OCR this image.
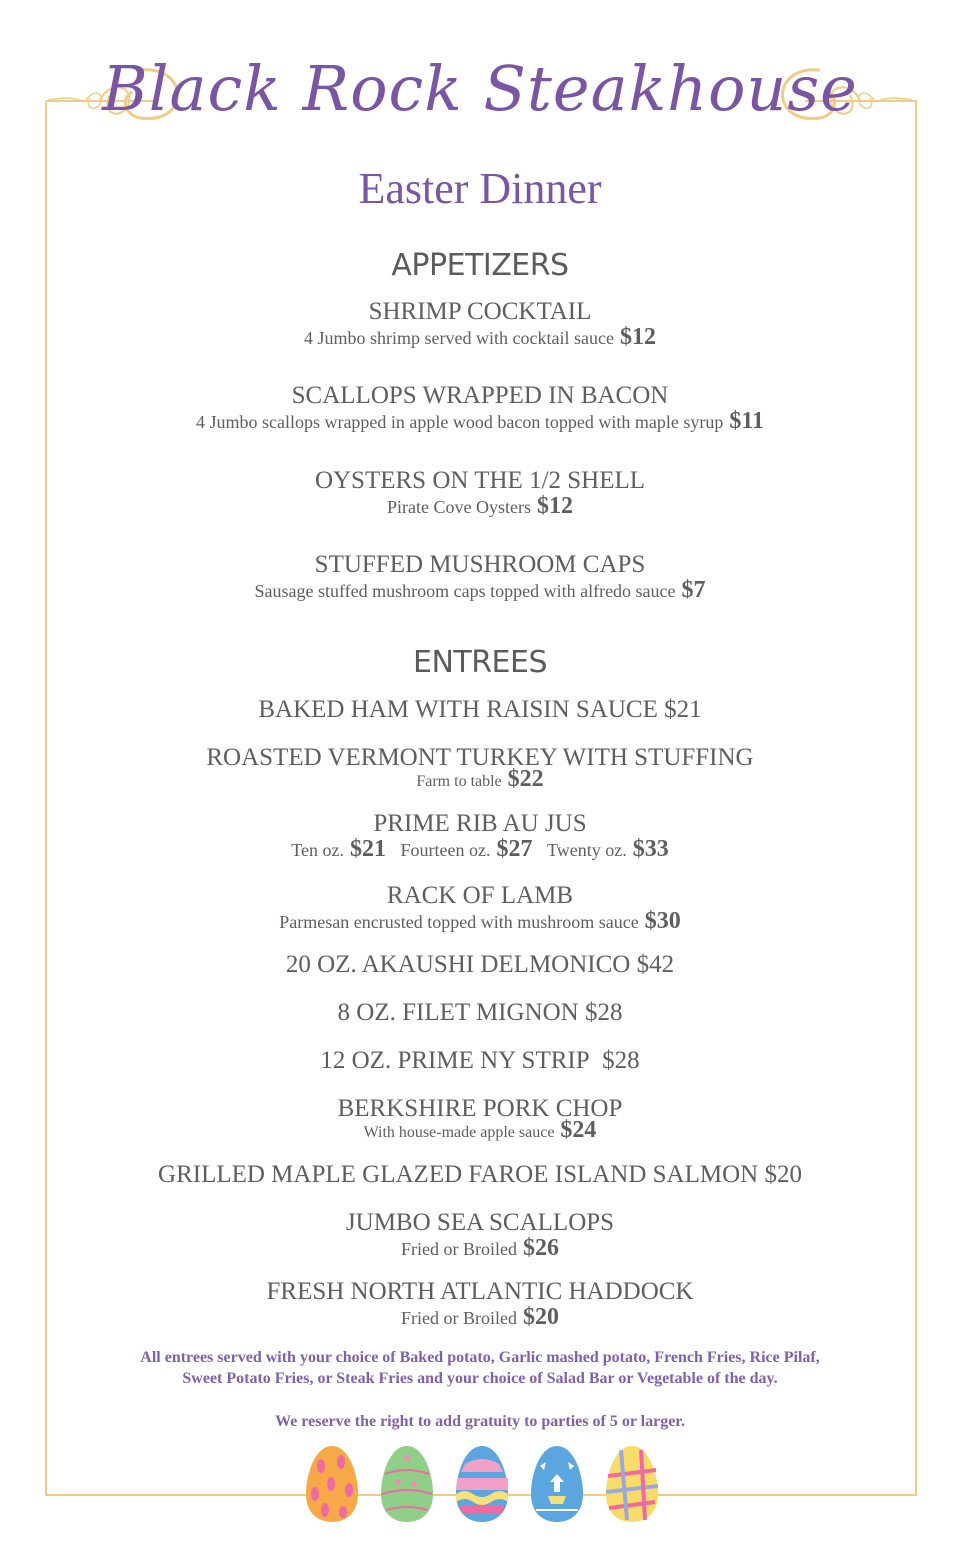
Black Rock Steakhouse
Easter Dinner
APPETIZERS
SHRIMP COCKTAIL
4 Jumbo shrimp served with cocktail sauce $12
SCALLOPS WRAPPED IN BACON
4 Jumbo scallops wrapped in apple wood bacon topped with maple syrup $11
OYSTERS ON THE 1/2 SHELL
Pirate Cove Oysters $12
STUFFED MUSHROOM CAPS
Sausage stuffed mushroom caps topped with alfredo sauce $7
ENTREES
BAKED HAM WITH RAISIN SAUCE $21
ROASTED VERMONT TURKEY WITH STUFFING
Farm to table $22
PRIME RIB AU JUS
Ten oz. $21 Fourteen oz. $27 Twenty oz. $33
RACK OF LAMB
Parmesan encrusted topped with mushroom sauce $30
20 OZ. AKAUSHI DELMONICO $42
8 OZ. FILET MIGNON $28
12 OZ. PRIME NY STRIP $28
BERKSHIRE PORK CHOP
With house-made apple sauce $24
GRILLED MAPLE GLAZED FAROE ISLAND SALMON $20
JUMBO SEA SCALLOPS
Fried or Broiled $26
FRESH NORTH ATLANTIC HADDOCK
Fried or Broiled $20
All entrees served with your choice of Baked potato, Garlic mashed potato, French Fries, Rice Pilaf,
Sweet Potato Fries, or Steak Fries and your choice of Salad Bar or Vegetable of the day.
We reserve the right to add gratuity to parties of 5 or larger.
